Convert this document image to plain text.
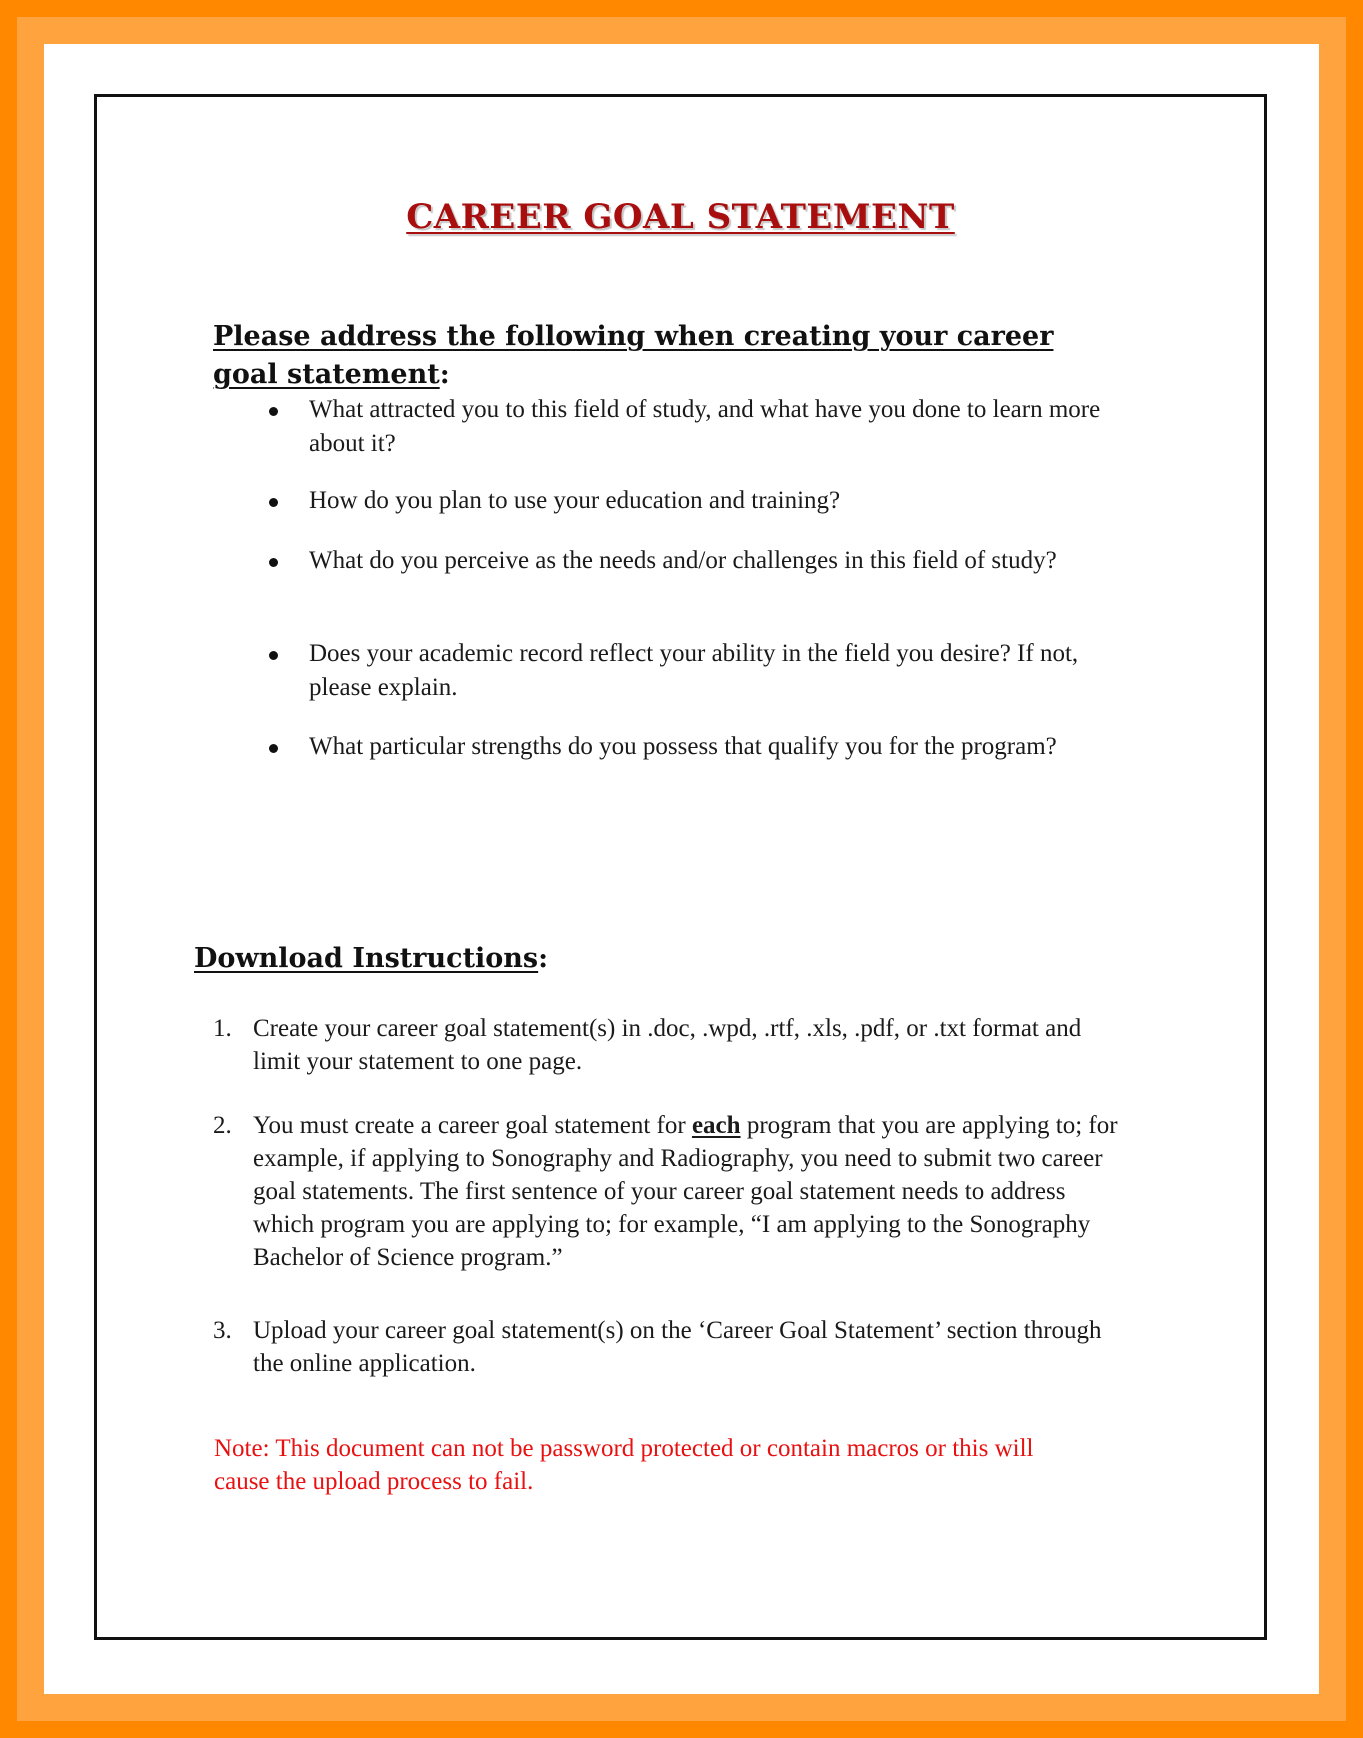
CAREER GOAL STATEMENT
Please address the following when creating your career goal statement:
What attracted you to this field of study, and what have you done to learn more about it?
How do you plan to use your education and training?
What do you perceive as the needs and/or challenges in this field of study?
Does your academic record reflect your ability in the field you desire? If not, please explain.
What particular strengths do you possess that qualify you for the program?
Download Instructions:
1. Create your career goal statement(s) in .doc, .wpd, .rtf, .xls, .pdf, or .txt format and limit your statement to one page.
2. You must create a career goal statement for each program that you are applying to; for example, if applying to Sonography and Radiography, you need to submit two career goal statements. The first sentence of your career goal statement needs to address which program you are applying to; for example, “I am applying to the Sonography Bachelor of Science program.”
3. Upload your career goal statement(s) on the ‘Career Goal Statement’ section through the online application.
Note: This document can not be password protected or contain macros or this will cause the upload process to fail.
